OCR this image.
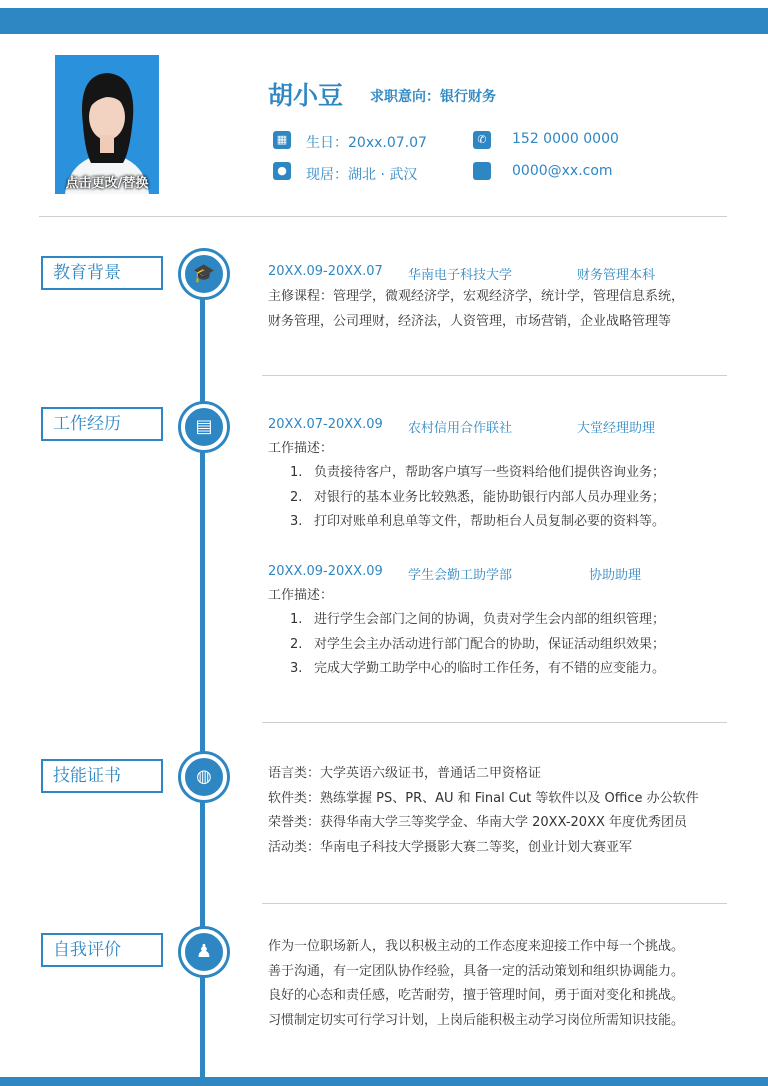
点击更改/替换
胡小豆 求职意向：银行财务
▦ 生日：20xx.07.07	✆	152 0000 0000
●	现居：湖北 · 武汉	0000@xx.com
教育背景	🎓	20XX.09-20XX.07 华南电子科技大学	财务管理本科

主修课程：管理学，微观经济学，宏观经济学，统计学，管理信息系统，

财务管理，公司理财，经济法，人资管理，市场营销，企业战略管理等

工作经历	▤	20XX.07-20XX.09 农村信用合作联社	大堂经理助理

工作描述：

1. 负责接待客户，帮助客户填写一些资料给他们提供咨询业务；

2. 对银行的基本业务比较熟悉，能协助银行内部人员办理业务；

3. 打印对账单利息单等文件，帮助柜台人员复制必要的资料等。

20XX.09-20XX.09 学生会勤工助学部	协助助理

工作描述：

1. 进行学生会部门之间的协调，负责对学生会内部的组织管理；

2. 对学生会主办活动进行部门配合的协助，保证活动组织效果；

3. 完成大学勤工助学中心的临时工作任务，有不错的应变能力。

技能证书	◍	语言类：大学英语六级证书，普通话二甲资格证

软件类：熟练掌握 PS、PR、AU 和 Final Cut 等软件以及 Office 办公软件

荣誉类：获得华南大学三等奖学金、华南大学 20XX-20XX 年度优秀团员

活动类：华南电子科技大学摄影大赛二等奖，创业计划大赛亚军

自我评价	♟	作为一位职场新人，我以积极主动的工作态度来迎接工作中每一个挑战。

善于沟通，有一定团队协作经验，具备一定的活动策划和组织协调能力。

良好的心态和责任感，吃苦耐劳，擅于管理时间，勇于面对变化和挑战。

习惯制定切实可行学习计划，上岗后能积极主动学习岗位所需知识技能。
